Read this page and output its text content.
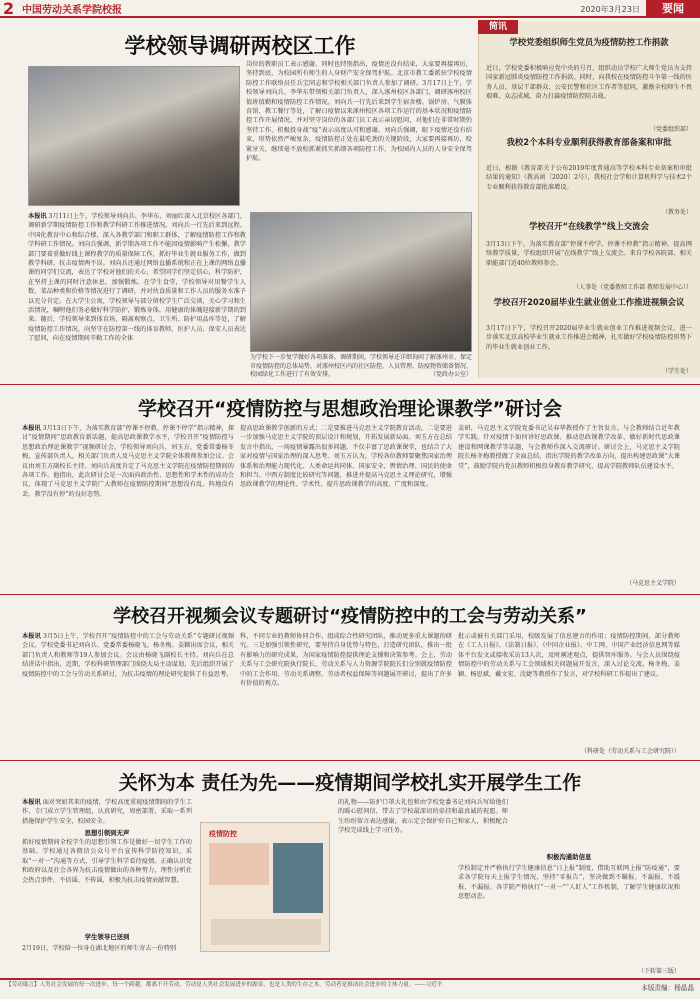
2 中国劳动关系学院校报	2020年3月23日	要闻
学校领导调研两校区工作
岗位的教职员工表示感谢。同时也特别指出，疫情还没有结束，大家要再接再厉，坚持到底，为校园所有师生的人身财产安全保驾护航。北京市教工委派驻学校疫情防控工作联络员任兵宝同志和学校相关部门负责人参加了调研。3月17日上午，学校领导刘向兵、李华东带领相关部门负责人，深入涿州校区各部门，调研涿州校区值班值勤和疫情防控工作情况。刘向兵一行先后来到学生宿舍楼、锅炉房、气膜体育馆、教工餐厅等处，了解日疫情以来涿州校区各项工作运行的基本状况和疫情防控工作开展情况，并对坚守岗位的各部门员工表示亲切慰问，对他们在非常时期仍坚持工作，积极投身战“疫”表示高度认可和感谢。刘向兵强调，眼下疫情还没有结束，形势依然严峻复杂，疫情防控正处在最吃劲的关键阶段，大家要再接再厉，咬紧牙关，继续毫不放松抓紧抓实抓细各项防控工作，为校园内人员的人身安全保驾护航。
本报讯 3月11日上午，学校领导刘向兵、李华东、刘丽红深入北京校区各部门，调研新学期疫情防控工作和教学科研工作推进情况。刘向兵一行先后来到远程、中国化教育中心和综合楼，深入各教学部门和职工群体，了解疫情防控工作和教学科研工作情况。刘向兵强调，新学期各项工作不能因疫情影响产生松懈，教学部门要着重做好线上课程教学的质量保障工作，抓好毕业生就业服务工作，做到教学科研、抗击疫情两不误。刘向兵还通过网络直播系统和正在上课的网络直播课的同学们交流，表达了学校对他们的关心，希望同学们坚定信心，科学防护，在坚持上课的同时注意休息，加强锻炼。在学生食堂，学校领导对用餐学生人数、菜品种类和价格等情况进行了调研，并对伙食质量和工作人员的服务水准予以充分肯定。在大学生公寓，学校领导与部分留校学生广泛交谈，关心学习和生活情况，嘱咐他们务必做好科学防护，锻炼身体，用健康的体魄迎接新学期的到来。随后，学校领导来到体育场、隔离观察点、卫生所、防护用品库等处，了解疫情防控工作情况，向坚守在防控第一线的体育教师、医护人员、保安人员表达了慰问，向在疫情期间辛勤工作的全体
为学校下一步复学做好各项准备。调研期间，学校领导还详细询问了解涿州市、保定市疫情防控的总体局势，对涿州校区内的社区防控、人员管理、防疫物资储备情况、校园绿化工作进行了有效安排。	（党政办公室）
简讯
学校党委组织师生党员为疫情防控工作捐款
近日，学校党委积极响应党中央的号召，组织动员学校广大师生党员为支持国家新冠肺炎疫情防控工作捐款。同时，向我校在疫情防控斗争第一线的医务人员、基层干部群众、公安民警和社区工作者等慰问，激励全校师生不畏艰难、众志成城，奋力打赢疫情防控阻击战。
（党委组织部）
我校2个本科专业顺利获得教育部备案和审批
近日，根据《教育部关于公布2019年度普通高等学校本科专业备案和审批结果的通知》（教高函〔2020〕2号），我校社会学和计算机科学与技术2个专业顺利获得教育部批准增设。
（教务处）
学校召开“在线教学”线上交流会
3月13日下午，为落实教育部“停课不停学、停课不停教”指示精神，提高网络教学质量，学校组织开展“在线教学”线上交流会。来自学校各院部、相关职能部门近40位教师参会。
（人事处（党委教师工作部 教师发展中心））
学校召开2020届毕业生就业创业工作推进视频会议
3月17日下午，学校召开2020届毕业生就业创业工作推进视频会议，进一步落实北京高校毕业生就业工作推进会精神，扎实做好学校疫情防控形势下的毕业生就业创业工作。
（学生处）
学校召开“疫情防控与思想政治理论课教学”研讨会
本报讯 3月13日下午，为落实教育部“停课不停教、停课不停学”指示精神，探讨“疫情期间”思政教育新话题，提高思政课教学水平，学校召开“疫情防控与思想政治理论课教学”视频研讨会。学校领导刘向兵、刘玉方，党委常委杨冬梅，宣传部负责人，相关部门负责人及马克思主义学院全体教师参加会议。会议由刘玉方副校长主持。刘向兵高度肯定了马克思主义学院在疫情防控期间的各项工作。他指出，此次研讨会是一次面向政治性、思想性和学术性的成功会议，体现了马克思主义学院广大教师在疫情防控期间“思想没有乱、阵地没有丢、教学没有停”的良好态势。
提高思政课教学创新的方式；二是要推进马克思主义学院教育活动，二是要进一步加强马克思主义学院的顶层设计和规划，开拓发展新局面。刘玉方在总结发言中指出，一场疫情暴露出很多问题，不仅丰富了思政课课堂，也结合了大家对疫情与国家治理的深入思考。刘玉方认为，学校各位教师要聚焦国家治理体系和治理能力现代化、人类命运共同体、国家安全、舆情治理、国民的使命和担当、中西方制度比较研究等问题，推进并提高马克思主义理论研究，增强思政课教学的理论性、学术性、提升思政课教学的高度、广度和深度。
姜研，马克思主义学院党委书记吴春华教授作了主旨发言。与会教师结合近年教学实践，针对疫情下如何讲好思政课、推动思政课教学改革、做好新时代思政课建设和网课教学等话题，与会教师作深入交流研讨。研讨会上，马克思主义学院院长杨冬梅教授做了全面总结，指出学院的教学改革方向，提出构建思政课“大课堂”，鼓励学院内党员教师积极投身教育教学研究，提高学院教师队伍建设水平。
（马克思主义学院）
学校召开视频会议专题研讨“疫情防控中的工会与劳动关系”
本报讯 3月5日上午，学校召开“疫情防控中的工会与劳动关系”专题研讨视频会议。学校党委书记刘向兵、党委常委杨晓飞、杨冬梅、姜颖出席会议，相关部门负责人和教师等19人参加会议。会议由杨晓飞副校长主持。刘向兵在总结讲话中指出，近期，学校科研管理部门围绕大局主动谋划，先后组织开展了疫情防控中的工会与劳动关系研讨，为抗击疫情的理论研究提供了有益思考。
科，不同专业的教师协同合作，组成综合性研究团队，推动更多重大课题的研究。三是加强引领性研究，要坚持自身优势与特色，打造研究团队，推出一批有影响力的研究成果，为国家疫情防控提供理论支撑和决策参考。会上，劳动关系与工会研究院执行院长、劳动关系与人力资源学院院长们分别就疫情防控中的工会作用、劳动关系调整、劳动者权益保障等问题展开研讨，提出了许多有价值的观点。
批示或被有关部门采用，校级发展了信息建言的作用；疫情防控期间，部分教师在《工人日报》、《法制日报》、《中国企业报》、中工网、中国产业经济信息网等媒体平台发文或接收采访13人次，及时阐述观点，提供智库服务。与会人员围绕疫情防控中的劳动关系与工会领域相关问题展开发言，深入讨论交流。杨冬梅、姜颖、杨思斌、戴文宏、沈婕等教授作了发言，对学校科研工作提出了建议。
（科研处（劳动关系与工会研究院））
关怀为本 责任为先——疫情期间学校扎实开展学生工作
本报讯 面对突如其来的疫情，学校高度重视疫情期间的学生工作，专门成立学生管理组，认真研究，周密部署，采取一系列措施保护学生安全，校园安全。
思想引领到无声
抓好疫情期间全校学生的思想引领工作是做好一切学生工作的基础。学校通过各微信公众号平台宣传科学防控知识，采取“一对一”沟通等方式，引导学生科学看待疫情。正确认识党和政府以及社会各界为抗击疫情做出的各种努力，理性分析社会热点事件，不信谣、不传谣，积极为抗击疫情贡献智慧。
学生领导已送到
2月19日，学校给一位身在湖北地区的师生寄去一份特别
疫情防控
的礼物——防护口罩大礼包和由学校党委书记刘向兵写给他们的暖心慰问信，带去了学校最深切的牵挂和最真诚的祝愿。师生纷纷留言表达感谢，表示定会保护好自己和家人，积极配合学校完成线上学习任务。
积极沟通助信息
学校制定并严格执行学生健康信息“日上报”制度，借助互联网上报“防疫通”，要求各学院每天上报学生情况，坚持“零报告”，坚决做到不瞒报、不漏报、不缓报、不漏报。各学院严格执行“一对一”“人盯人”工作机制，了解学生健康状况和思想动态。
（下转第三版）
【劳动箴言】人类社会发展的每一次进步、每一个跨越、都离不开劳动。劳动是人类社会发展进步的源泉，也是人类的生存之本。劳动者是推动社会进步的主体力量。——习近平	本版责编：杨晶晶
